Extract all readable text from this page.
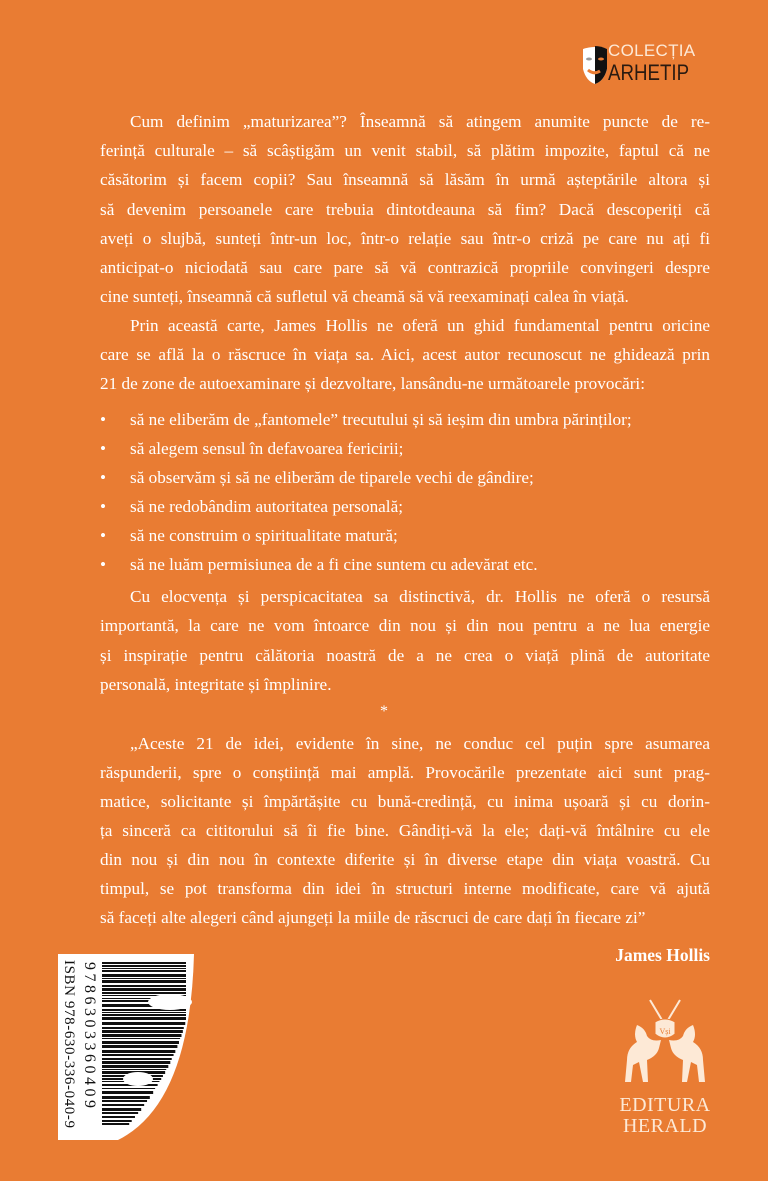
COLECȚIA
ARHETIP
Cum definim „maturizarea”? Înseamnă să atingem anumite puncte de re-
ferință culturale – să scâștigăm un venit stabil, să plătim impozite, faptul că ne
căsătorim și facem copii? Sau înseamnă să lăsăm în urmă așteptările altora și
să devenim persoanele care trebuia dintotdeauna să fim? Dacă descoperiți că
aveți o slujbă, sunteți într-un loc, într-o relație sau într-o criză pe care nu ați fi
anticipat-o niciodată sau care pare să vă contrazică propriile convingeri despre
cine sunteți, înseamnă că sufletul vă cheamă să vă reexaminați calea în viață.
Prin această carte, James Hollis ne oferă un ghid fundamental pentru oricine
care se află la o răscruce în viața sa. Aici, acest autor recunoscut ne ghidează prin
21 de zone de autoexaminare și dezvoltare, lansându-ne următoarele provocări:
• să ne eliberăm de „fantomele” trecutului și să ieșim din umbra părinților;
• să alegem sensul în defavoarea fericirii;
• să observăm și să ne eliberăm de tiparele vechi de gândire;
• să ne redobândim autoritatea personală;
• să ne construim o spiritualitate matură;
• să ne luăm permisiunea de a fi cine suntem cu adevărat etc.
Cu elocvența și perspicacitatea sa distinctivă, dr. Hollis ne oferă o resursă
importantă, la care ne vom întoarce din nou și din nou pentru a ne lua energie
și inspirație pentru călătoria noastră de a ne crea o viață plină de autoritate
personală, integritate și împlinire.
*
„Aceste 21 de idei, evidente în sine, ne conduc cel puțin spre asumarea
răspunderii, spre o conștiință mai amplă. Provocările prezentate aici sunt prag-
matice, solicitante și împărtășite cu bună-credință, cu inima ușoară și cu dorin-
ța sinceră ca cititorului să îi fie bine. Gândiți-vă la ele; dați-vă întâlnire cu ele
din nou și din nou în contexte diferite și în diverse etape din viața voastră. Cu
timpul, se pot transforma din idei în structuri interne modificate, care vă ajută
să faceți alte alegeri când ajungeți la miile de răscruci de care dați în fiecare zi”
James Hollis
9786303360409
ISBN 978-630-336-040-9	Vși
EDITURA
HERALD
